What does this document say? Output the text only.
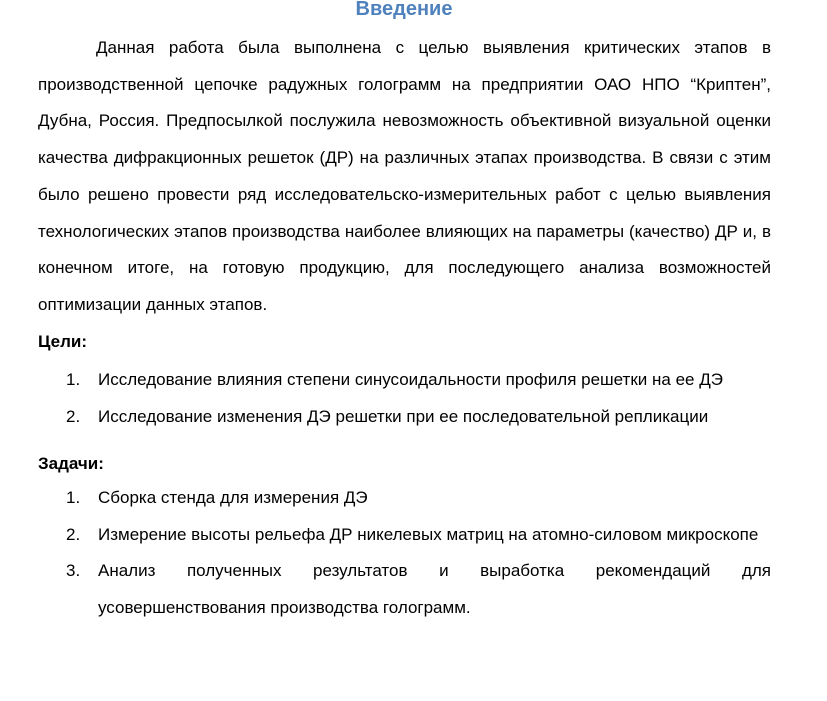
Введение

Данная работа была выполнена с целью выявления критических этапов в производственной цепочке радужных голограмм на предприятии ОАО НПО “Криптен”, Дубна, Россия. Предпосылкой послужила невозможность объективной визуальной оценки качества дифракционных решеток (ДР) на различных этапах производства. В связи с этим было решено провести ряд исследовательско-измерительных работ с целью выявления технологических этапов производства наиболее влияющих на параметры (качество) ДР и, в конечном итоге, на готовую продукцию, для последующего анализа возможностей оптимизации данных этапов.

Цели:
1. Исследование влияния степени синусоидальности профиля решетки на ее ДЭ
2. Исследование изменения ДЭ решетки при ее последовательной репликации
Задачи:
1. Сборка стенда для измерения ДЭ
2. Измерение высоты рельефа ДР никелевых матриц на атомно-силовом микроскопе
3. Анализ полученных результатов и выработка рекомендаций для усовершенствования производства голограмм.
